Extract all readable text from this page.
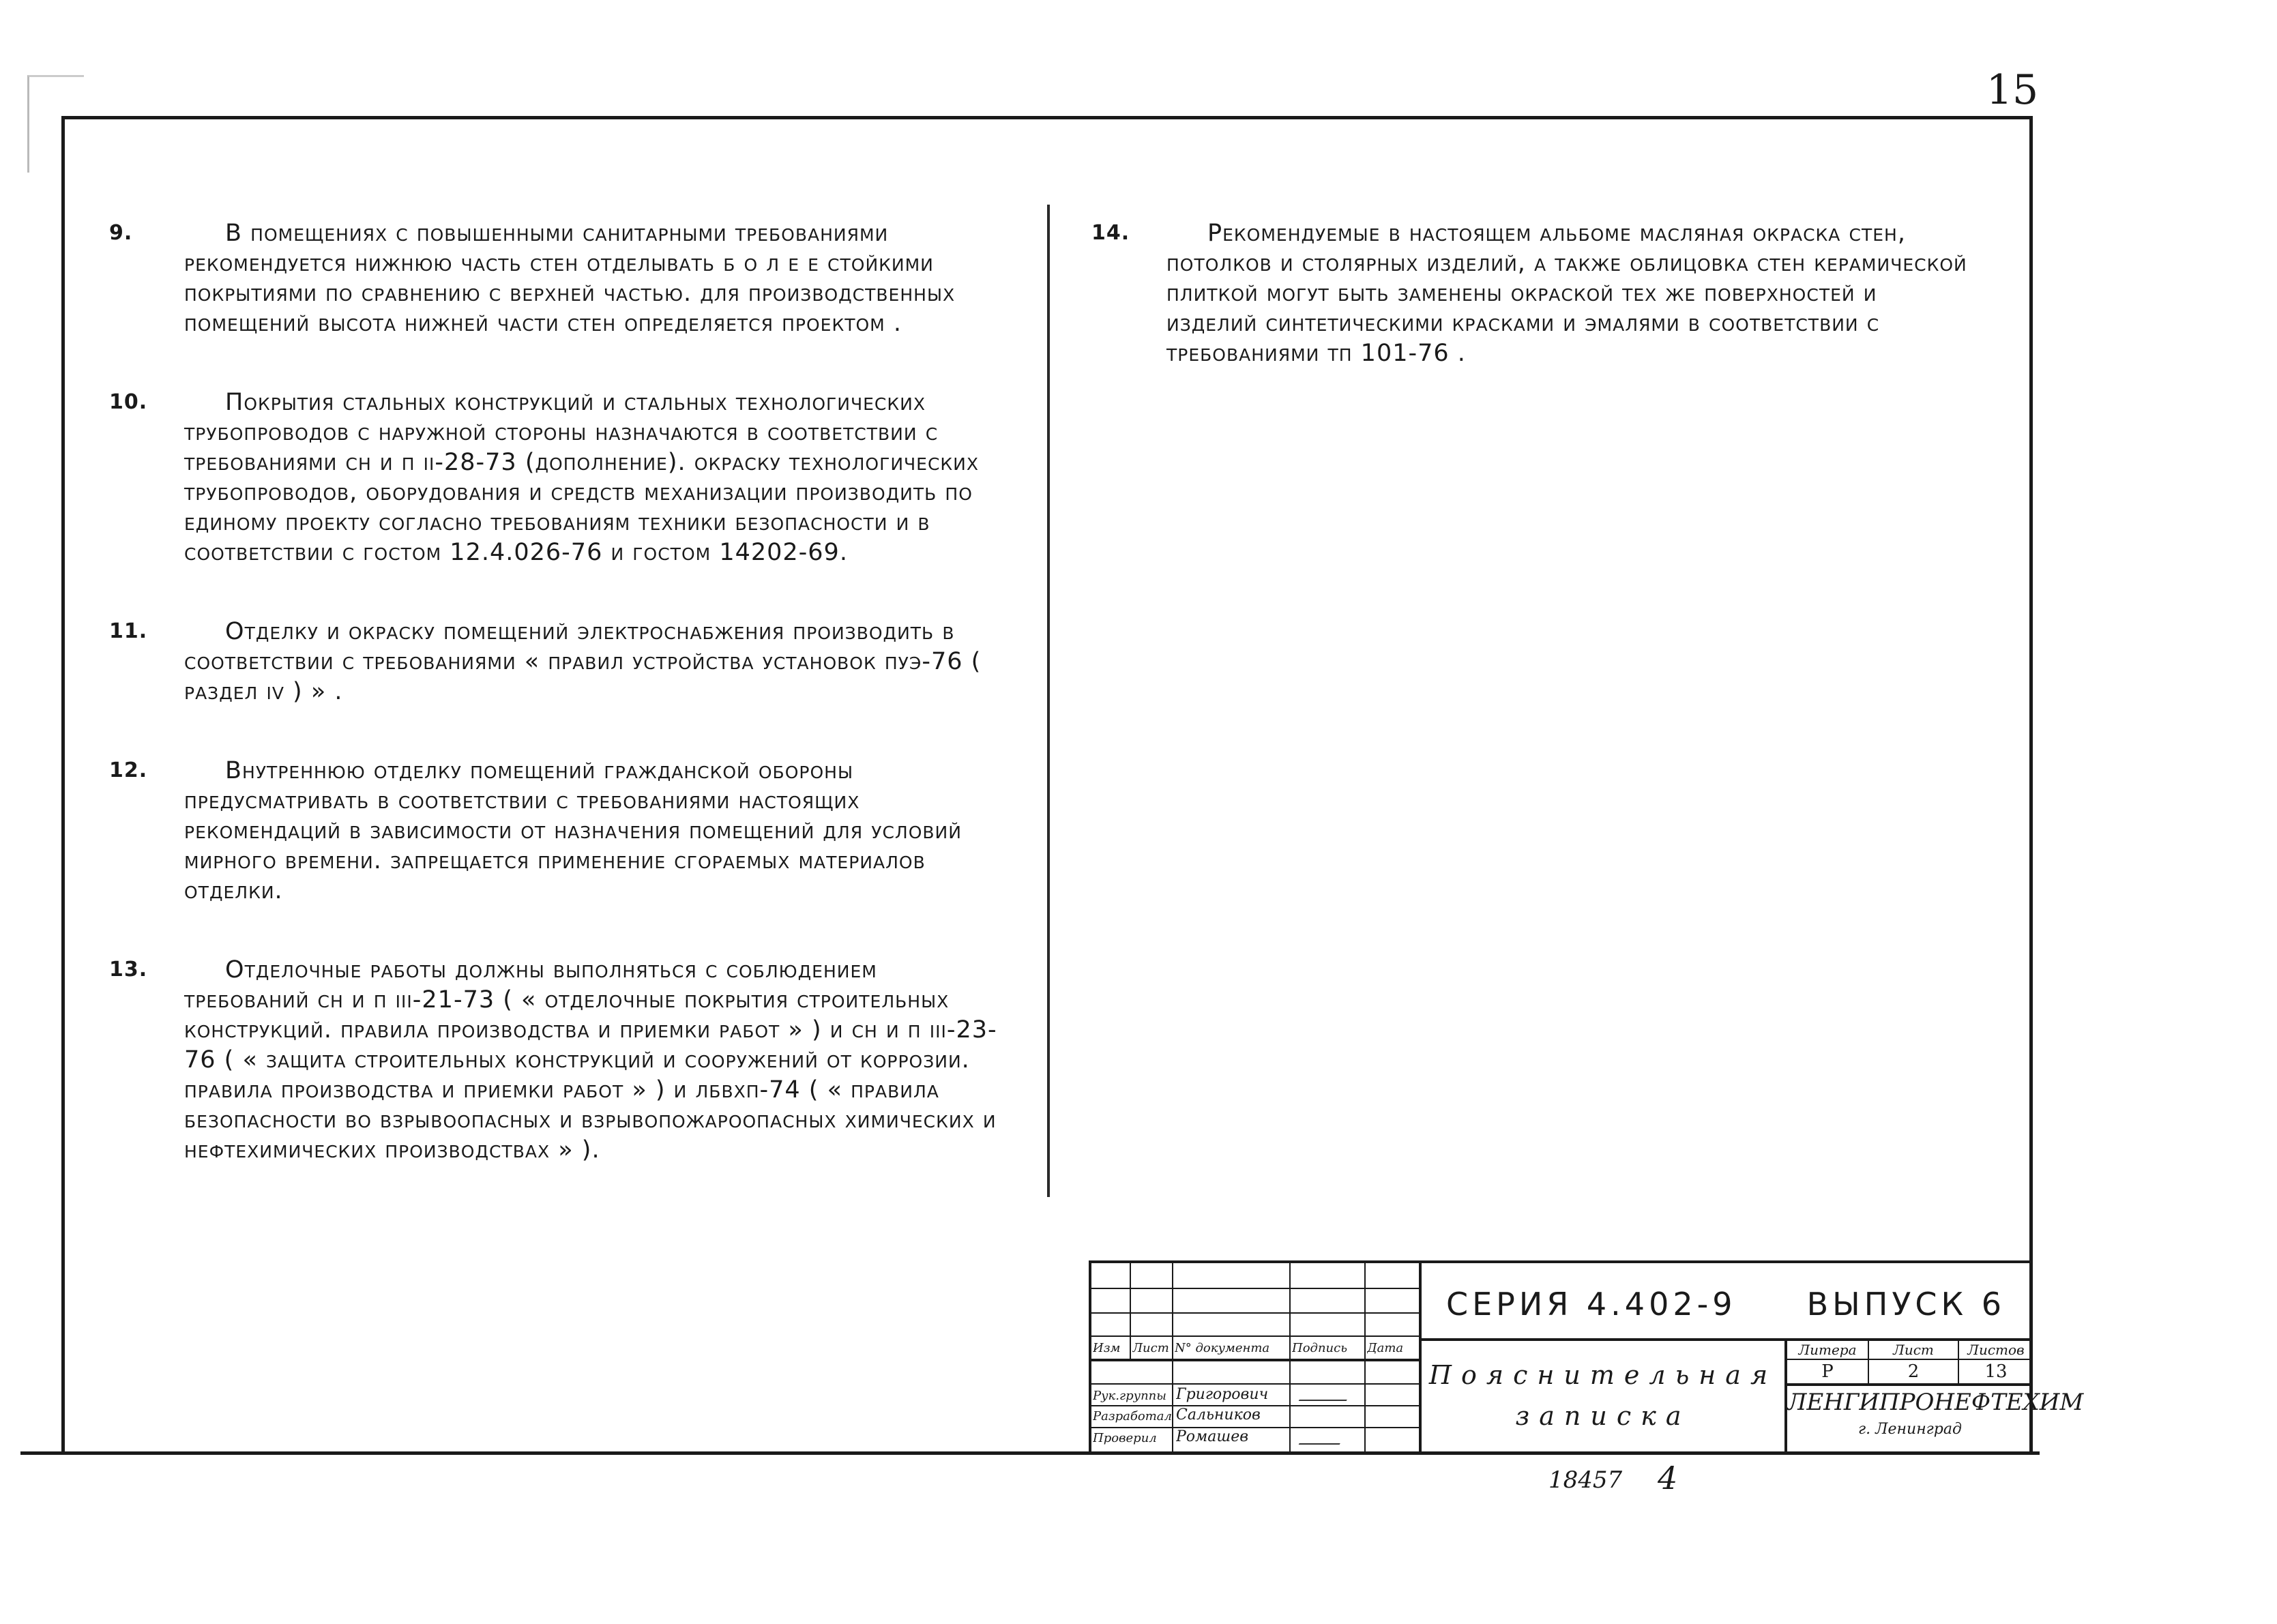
15
9.	в помещениях с повышенными санитарными требованиями рекомендуется нижнюю часть стен отделывать б о л е е стойкими покрытиями по сравнению с верхней частью. для производственных помещений высота нижней части стен определяется проектом .
10.	покрытия стальных конструкций и стальных технологических трубопроводов с наружной стороны назначаются в соответствии с требованиями сн и п ii-28-73 (дополнение). окраску технологических трубопроводов, оборудования и средств механизации производить по единому проекту согласно требованиям техники безопасности и в соответствии с гостом 12.4.026-76 и гостом 14202-69.
11.	отделку и окраску помещений электроснабжения производить в соответствии с требованиями « правил устройства установок пуэ-76 ( раздел iv ) » .
12.	внутреннюю отделку помещений гражданской обороны предусматривать в соответствии с требованиями настоящих рекомендаций в зависимости от назначения помещений для условий мирного времени. запрещается применение сгораемых материалов отделки.
13.	отделочные работы должны выполняться с соблюдением требований сн и п iii-21-73 ( « отделочные покрытия строительных конструкций. правила производства и приемки работ » ) и сн и п iii-23-76 ( « защита строительных конструкций и сооружений от коррозии. правила производства и приемки работ » ) и лбвхп-74 ( « правила безопасности во взрывоопасных и взрывопожароопасных химических и нефтехимических производствах » ).
14.	рекомендуемые в настоящем альбоме масляная окраска стен, потолков и столярных изделий, а также облицовка стен керамической плиткой могут быть заменены окраской тех же поверхностей и изделий синтетическими красками и эмалями в соответствии с требованиями тп 101-76 .
Изм Лист N° документа	Подпись	Дата
Рук.группы Григорович
Разработал Сальников
Проверил	Ромашев
СЕРИЯ 4.402-9 ВЫПУСК 6
Пояснительная
записка
Литера	Лист	Листов
Р	2	13
ЛЕНГИПРОНЕФТЕХИМ
г. Ленинград
18457 4
